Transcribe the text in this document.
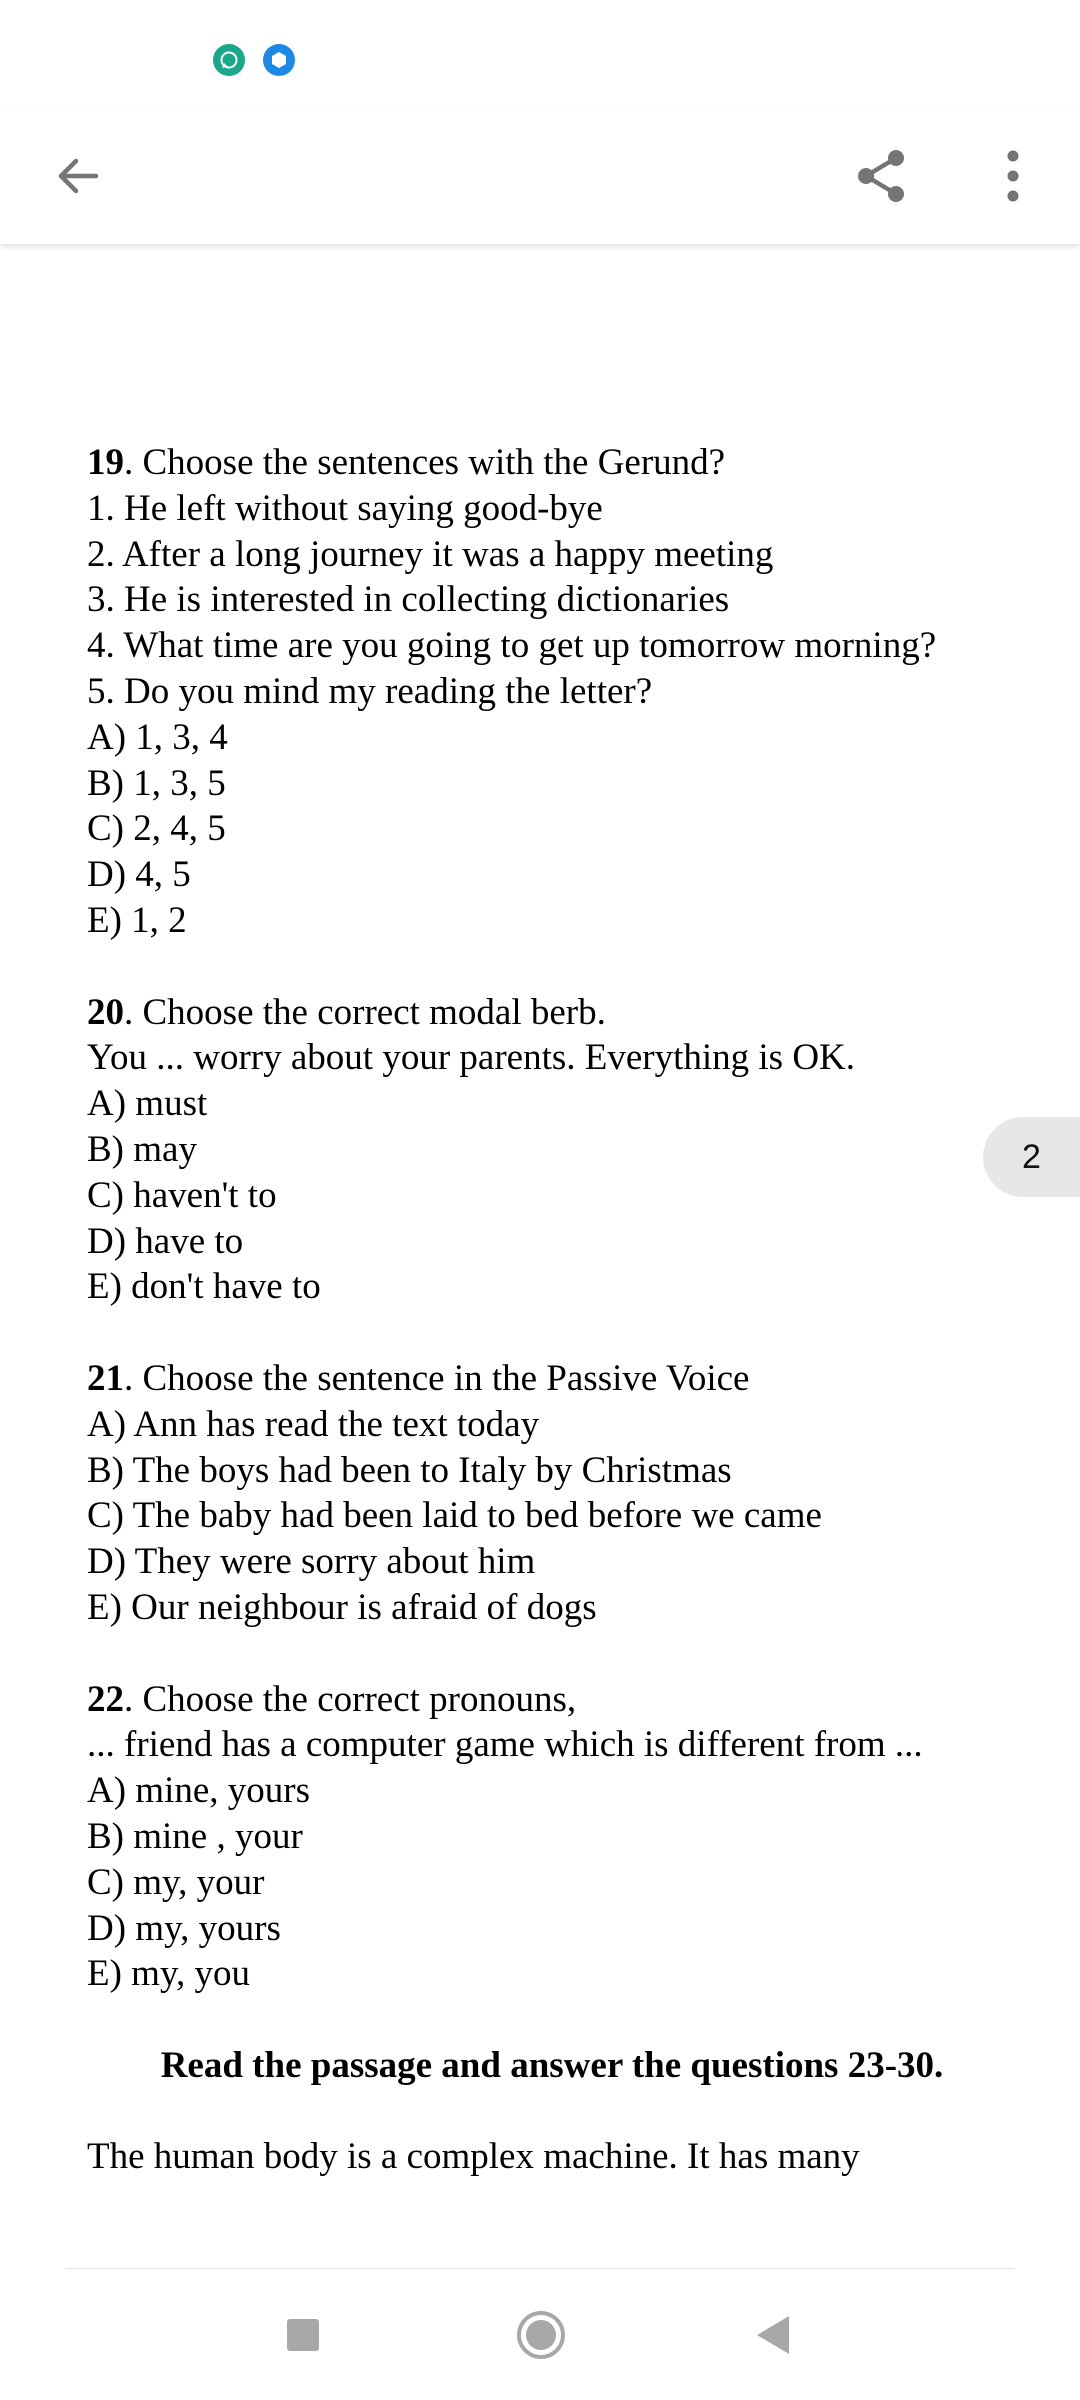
19. Choose the sentences with the Gerund?
1. He left without saying good-bye
2. After a long journey it was a happy meeting
3. He is interested in collecting dictionaries
4. What time are you going to get up tomorrow morning?
5. Do you mind my reading the letter?
A) 1, 3, 4
B) 1, 3, 5
C) 2, 4, 5
D) 4, 5
E) 1, 2
20. Choose the correct modal berb.
You ... worry about your parents. Everything is OK.
A) must
B) may
C) haven't to
D) have to
E) don't have to
21. Choose the sentence in the Passive Voice
A) Ann has read the text today
B) The boys had been to Italy by Christmas
C) The baby had been laid to bed before we came
D) They were sorry about him
E) Our neighbour is afraid of dogs
22. Choose the correct pronouns,
... friend has a computer game which is different from ...
A) mine, yours
B) mine , your
C) my, your
D) my, yours
E) my, you
Read the passage and answer the questions 23-30.
The human body is a complex machine. It has many
2
